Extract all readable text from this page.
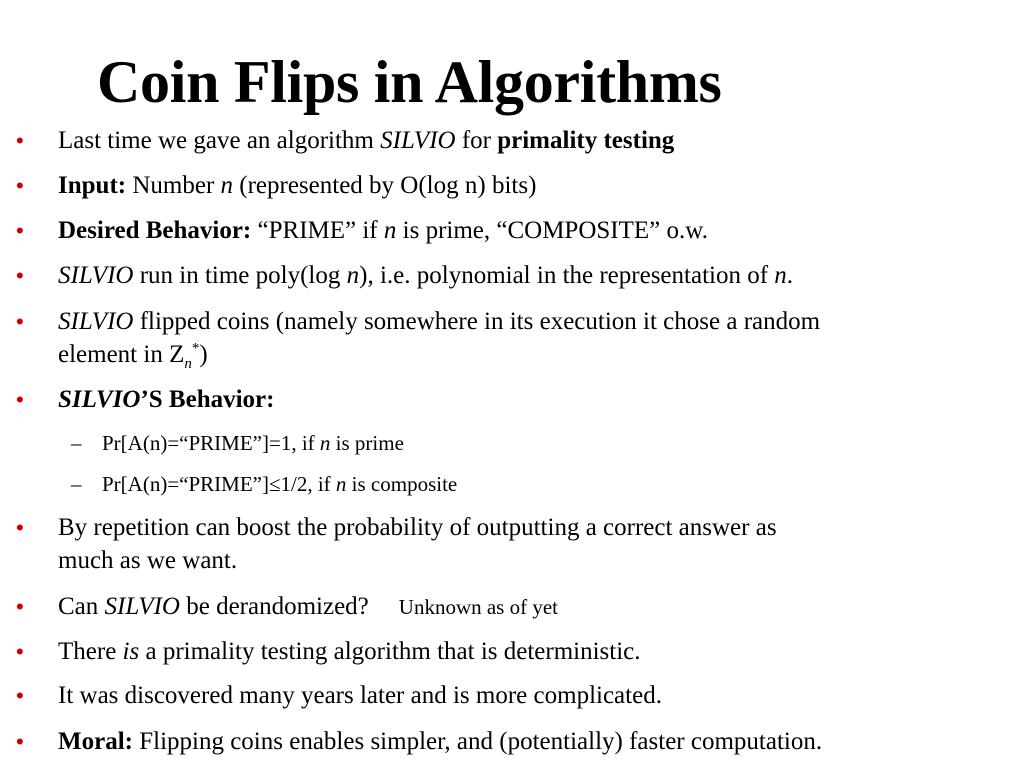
Coin Flips in Algorithms
• Last time we gave an algorithm SILVIO for primality testing
• Input: Number n (represented by O(log n) bits)
• Desired Behavior: “PRIME” if n is prime, “COMPOSITE” o.w.
• SILVIO run in time poly(log n), i.e. polynomial in the representation of n.
• SILVIO flipped coins (namely somewhere in its execution it chose a random
element in $Z_n^*$)
• SILVIO’S Behavior:
– Pr[A(n)=“PRIME”]=1, if n is prime
– Pr[A(n)=“PRIME”]≤1/2, if n is composite
• By repetition can boost the probability of outputting a correct answer as
much as we want.
• Can SILVIO be derandomized? Unknown as of yet
• There is a primality testing algorithm that is deterministic.
• It was discovered many years later and is more complicated.
• Moral: Flipping coins enables simpler, and (potentially) faster computation.
